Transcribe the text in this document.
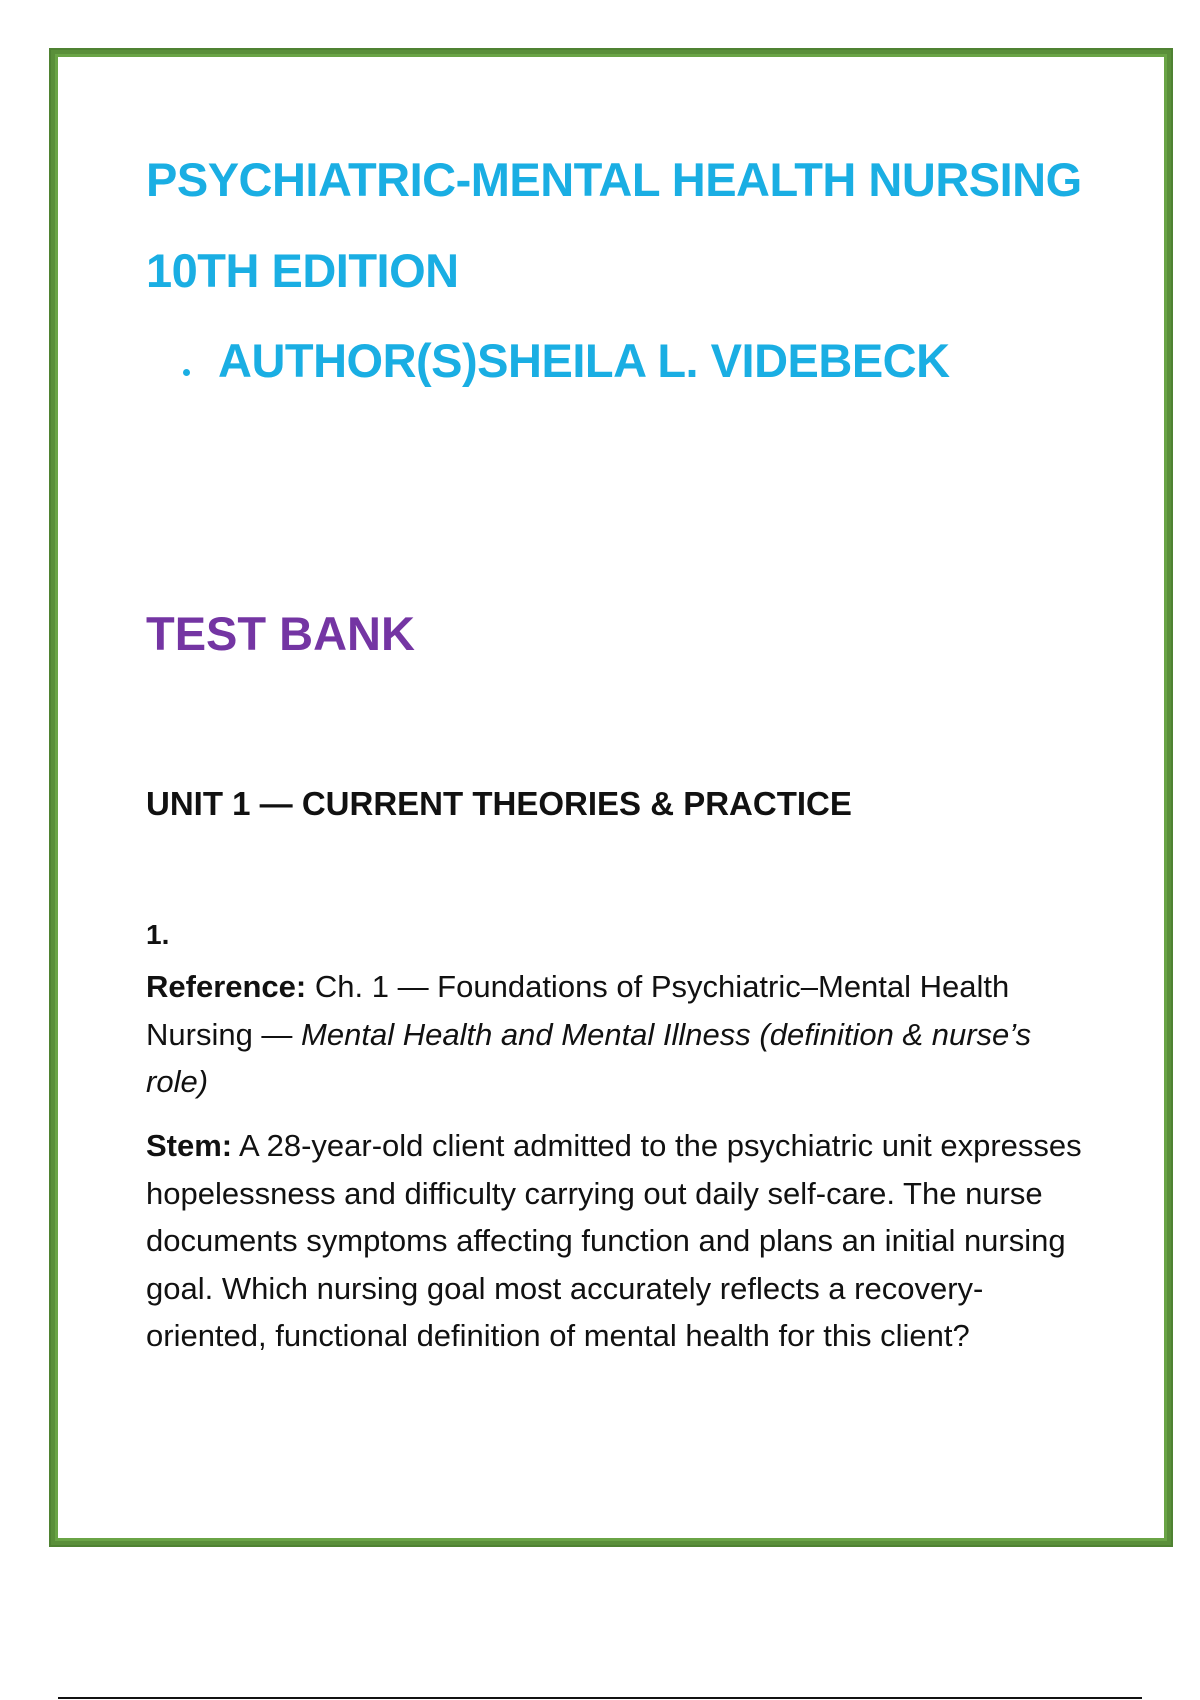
PSYCHIATRIC-MENTAL HEALTH NURSING
10TH EDITION
AUTHOR(S)SHEILA L. VIDEBECK
TEST BANK
UNIT 1 — CURRENT THEORIES & PRACTICE
1.
Reference: Ch. 1 — Foundations of Psychiatric–Mental Health Nursing — Mental Health and Mental Illness (definition & nurse’s role)
Stem: A 28-year-old client admitted to the psychiatric unit expresses hopelessness and difficulty carrying out daily self-care. The nurse documents symptoms affecting function and plans an initial nursing goal. Which nursing goal most accurately reflects a recovery-oriented, functional definition of mental health for this client?
